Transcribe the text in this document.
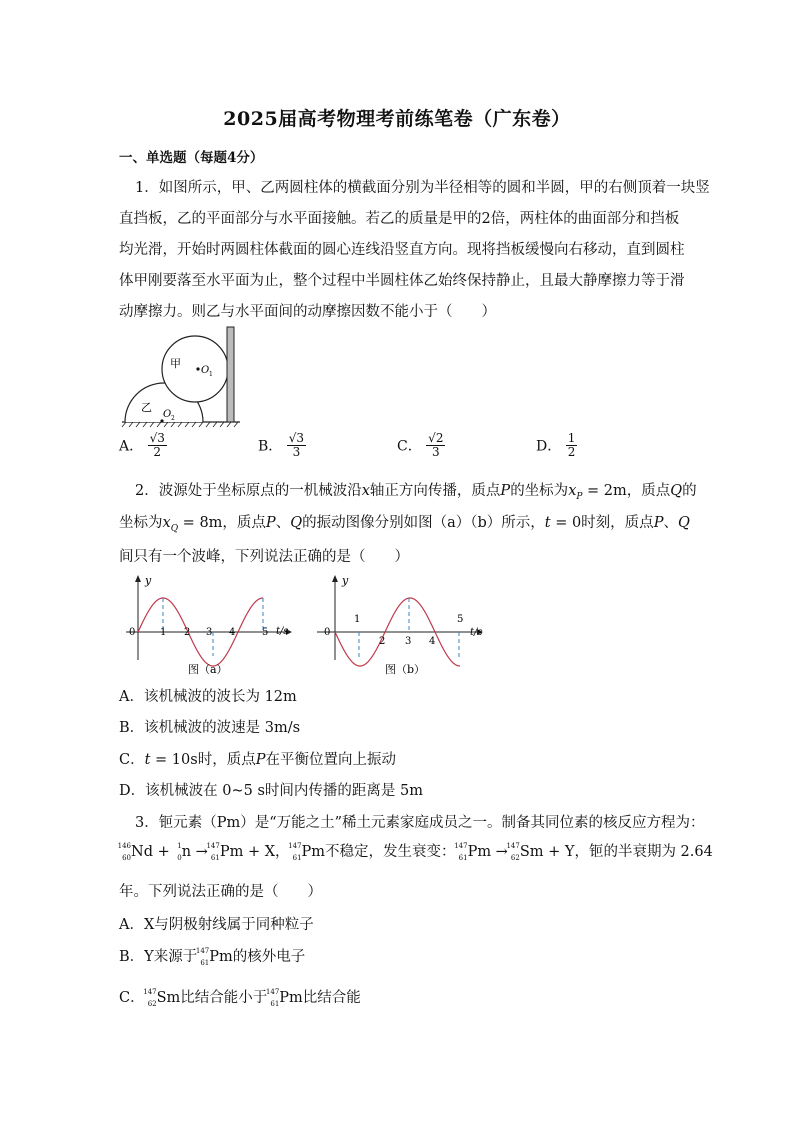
2025届高考物理考前练笔卷（广东卷）
一、单选题（每题4分）
1．如图所示，甲、乙两圆柱体的横截面分别为半径相等的圆和半圆，甲的右侧顶着一块竖
直挡板，乙的平面部分与水平面接触。若乙的质量是甲的2倍，两柱体的曲面部分和挡板
均光滑，开始时两圆柱体截面的圆心连线沿竖直方向。现将挡板缓慢向右移动，直到圆柱
体甲刚要落至水平面为止，整个过程中半圆柱体乙始终保持静止，且最大静摩擦力等于滑
动摩擦力。则乙与水平面间的动摩擦因数不能小于（　　）
甲
O 1
乙
O 2
A． $\frac{√3}{2}$	B． $\frac{√3}{3}$	C． $\frac{√2}{3}$	D． $\frac{1}{2}$
2．波源处于坐标原点的一机械波沿x轴正方向传播，质点P的坐标为$x_P = 2m$，质点Q的
坐标为$x_Q = 8m$，质点P、Q的振动图像分别如图（a）（b）所示，t = 0时刻，质点P、Q
间只有一个波峰，下列说法正确的是（　　）
y
t/s
0 1 2 3 4	5
图（a）
y
t/s
0
1
2 3 4
5
图（b）
A．该机械波的波长为 12m
B．该机械波的波速是 3m/s
C．t = 10s时，质点P在平衡位置向上振动
D．该机械波在 0~5 s时间内传播的距离是 5m
3．钷元素（Pm）是“万能之土”稀土元素家庭成员之一。制备其同位素的核反应方程为：
146
60 Nd + 1
0 n →
147
61 Pm + X，
147
61 Pm不稳定，发生衰变：
147
61 Pm →
147
62 Sm + Y，钷的半衰期为 2.64
年。下列说法正确的是（　　）
A．X与阴极射线属于同种粒子
B．Y来源于
147
61 Pm的核外电子
C．
147
62 Sm比结合能小于
147
61 Pm比结合能
